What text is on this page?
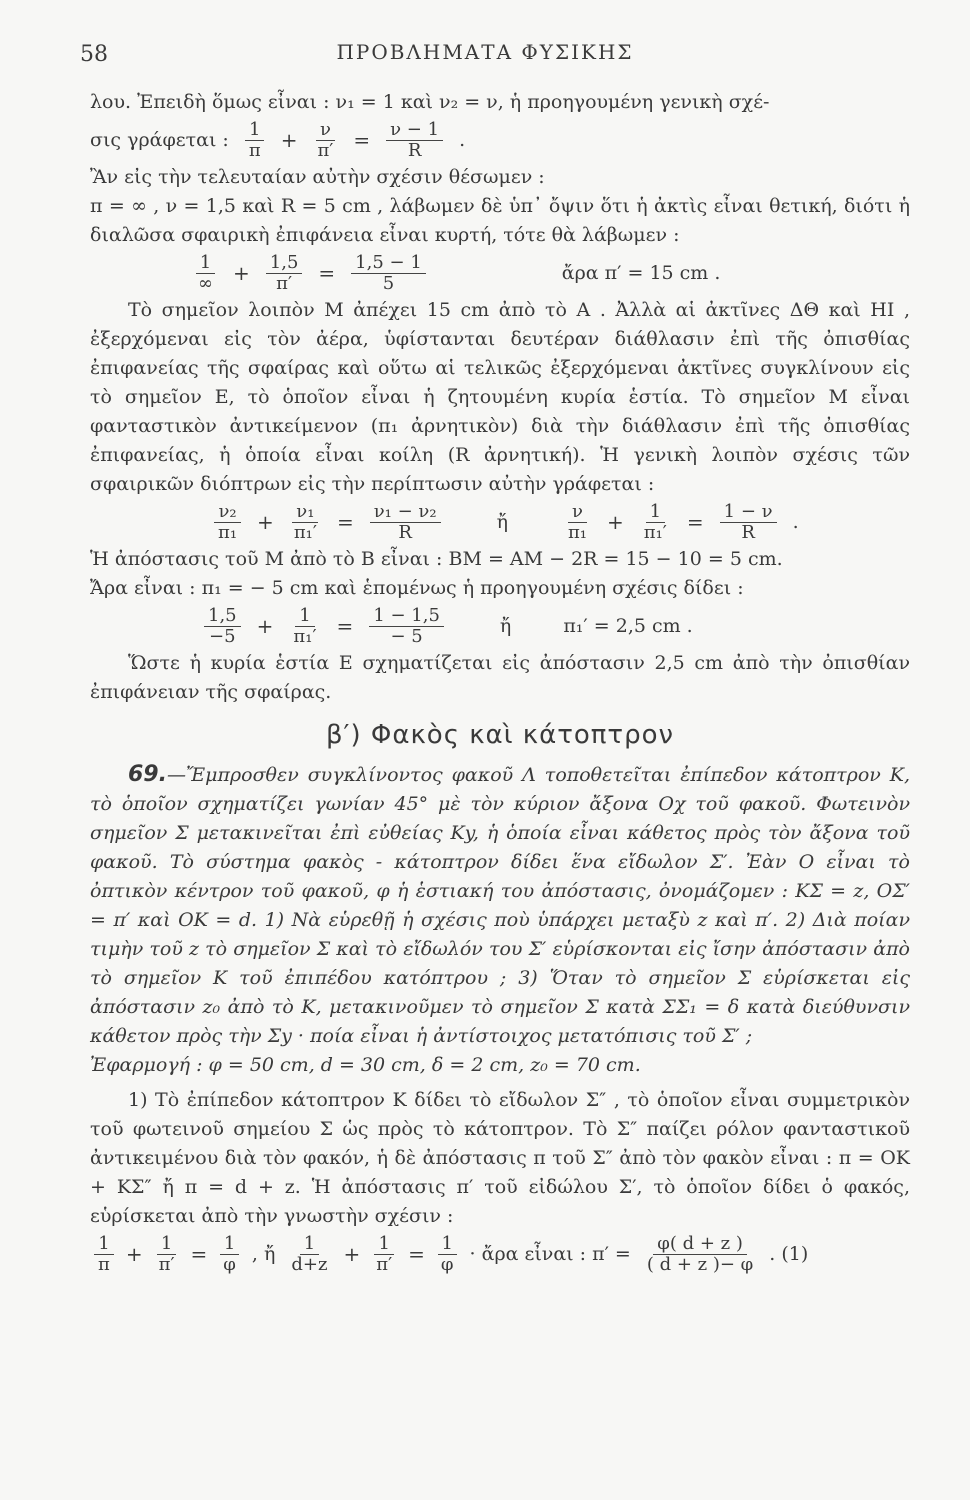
58	ΠΡΟΒΛΗΜΑΤΑ ΦΥΣΙΚΗΣ

λου. Ἐπειδὴ ὅμως εἶναι : ν₁ = 1 καὶ ν₂ = ν, ἡ προηγουμένη γενικὴ σχέ-

σις γράφεται : $\frac{1}{\pi} + \frac{\nu}{\pi'} = \frac{\nu - 1}{R}$ .

Ἂν εἰς τὴν τελευταίαν αὐτὴν σχέσιν θέσωμεν :

π = ∞ , ν = 1,5 καὶ R = 5 cm , λάβωμεν δὲ ὑπ᾽ ὄψιν ὅτι ἡ ἀκτὶς εἶναι θετική, διότι ἡ διαλῶσα σφαιρικὴ ἐπιφάνεια εἶναι κυρτή, τότε θὰ λάβωμεν :

$\frac{1}{\infty} + \frac{1,5}{\pi'} = \frac{1,5 - 1}{5}$	ἄρα π′ = 15 cm .

Τὸ σημεῖον λοιπὸν Μ ἀπέχει 15 cm ἀπὸ τὸ Α . Ἀλλὰ αἱ ἀκτῖνες ΔΘ καὶ ΗΙ , ἐξερχόμεναι εἰς τὸν ἀέρα, ὑφίστανται δευτέραν διάθλασιν ἐπὶ τῆς ὀπισθίας ἐπιφανείας τῆς σφαίρας καὶ οὕτω αἱ τελικῶς ἐξερχόμεναι ἀκτῖνες συγκλίνουν εἰς τὸ σημεῖον Ε, τὸ ὁποῖον εἶναι ἡ ζητουμένη κυρία ἑστία. Τὸ σημεῖον Μ εἶναι φανταστικὸν ἀντικείμενον (π₁ ἀρνητικὸν) διὰ τὴν διάθλασιν ἐπὶ τῆς ὀπισθίας ἐπιφανείας, ἡ ὁποία εἶναι κοίλη (R ἀρνητική). Ἡ γενικὴ λοιπὸν σχέσις τῶν σφαιρικῶν διόπτρων εἰς τὴν περίπτωσιν αὐτὴν γράφεται :

$\frac{\text{ν₂}}{\text{π₁}} + \frac{\text{ν₁}}{\text{π₁′}} = \frac{\text{ν₁ − ν₂}}{R}$	ἤ	$\frac{\nu}{\text{π₁}} + \frac{1}{\text{π₁′}} = \frac{1 - \nu}{R}$ .

Ἡ ἀπόστασις τοῦ Μ ἀπὸ τὸ Β εἶναι : ΒΜ = ΑΜ − 2R = 15 − 10 = 5 cm.

Ἄρα εἶναι : π₁ = − 5 cm καὶ ἑπομένως ἡ προηγουμένη σχέσις δίδει :

$\frac{1,5}{-5} + \frac{1}{\text{π₁′}} = \frac{1 - 1,5}{- 5}$	ἤ	π₁′ = 2,5 cm .

Ὥστε ἡ κυρία ἑστία Ε σχηματίζεται εἰς ἀπόστασιν 2,5 cm ἀπὸ τὴν ὀπισθίαν ἐπιφάνειαν τῆς σφαίρας.

β′) Φακὸς καὶ κάτοπτρον

69.—Ἔμπροσθεν συγκλίνοντος φακοῦ Λ τοποθετεῖται ἐπίπεδον κάτοπτρον Κ, τὸ ὁποῖον σχηματίζει γωνίαν 45° μὲ τὸν κύριον ἄξονα Οχ τοῦ φακοῦ. Φωτεινὸν σημεῖον Σ μετακινεῖται ἐπὶ εὐθείας Κy, ἡ ὁποία εἶναι κάθετος πρὸς τὸν ἄξονα τοῦ φακοῦ. Τὸ σύστημα φακὸς - κάτοπτρον δίδει ἕνα εἴδωλον Σ′. Ἐὰν Ο εἶναι τὸ ὀπτικὸν κέντρον τοῦ φακοῦ, φ ἡ ἑστιακή του ἀπόστασις, ὀνομάζομεν : ΚΣ = z, ΟΣ′ = π′ καὶ ΟΚ = d. 1) Νὰ εὑρεθῇ ἡ σχέσις ποὺ ὑπάρχει μεταξὺ z καὶ π′. 2) Διὰ ποίαν τιμὴν τοῦ z τὸ σημεῖον Σ καὶ τὸ εἴδωλόν του Σ′ εὑρίσκονται εἰς ἴσην ἀπόστασιν ἀπὸ τὸ σημεῖον Κ τοῦ ἐπιπέδου κατόπτρου ; 3) Ὅταν τὸ σημεῖον Σ εὑρίσκεται εἰς ἀπόστασιν z₀ ἀπὸ τὸ Κ, μετακινοῦμεν τὸ σημεῖον Σ κατὰ ΣΣ₁ = δ κατὰ διεύθυνσιν κάθετον πρὸς τὴν Σy · ποία εἶναι ἡ ἀντίστοιχος μετατόπισις τοῦ Σ′ ;

Ἐφαρμογή : φ = 50 cm, d = 30 cm, δ = 2 cm, z₀ = 70 cm.

1) Τὸ ἐπίπεδον κάτοπτρον Κ δίδει τὸ εἴδωλον Σ″ , τὸ ὁποῖον εἶναι συμμετρικὸν τοῦ φωτεινοῦ σημείου Σ ὡς πρὸς τὸ κάτοπτρον. Τὸ Σ″ παίζει ρόλον φανταστικοῦ ἀντικειμένου διὰ τὸν φακόν, ἡ δὲ ἀπόστασις π τοῦ Σ″ ἀπὸ τὸν φακὸν εἶναι : π = ΟΚ + ΚΣ″ ἤ π = d + z. Ἡ ἀπόστασις π′ τοῦ εἰδώλου Σ′, τὸ ὁποῖον δίδει ὁ φακός, εὑρίσκεται ἀπὸ τὴν γνωστὴν σχέσιν :

$\frac{1}{\pi} + \frac{1}{\pi'} = \frac{1}{\varphi}$ , ἤ $\frac{1}{d+z} + \frac{1}{\pi'} = \frac{1}{\varphi}$ · ἄρα εἶναι : $\pi' = \frac{\varphi( d + z )}{( d + z )- \varphi}$ . (1)
